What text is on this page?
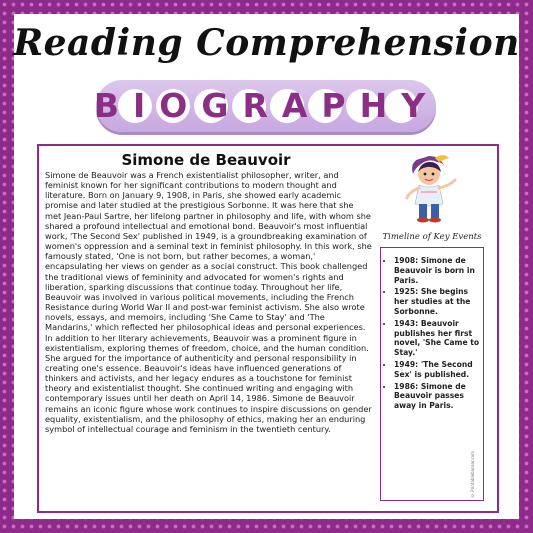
Reading Comprehension
BIOGRAPHY
Simone de Beauvoir
Simone de Beauvoir was a French existentialist philosopher, writer, and feminist known for her significant contributions to modern thought and literature. Born on January 9, 1908, in Paris, she showed early academic promise and later studied at the prestigious Sorbonne. It was here that she met Jean-Paul Sartre, her lifelong partner in philosophy and life, with whom she shared a profound intellectual and emotional bond. Beauvoir's most influential work, 'The Second Sex' published in 1949, is a groundbreaking examination of women's oppression and a seminal text in feminist philosophy. In this work, she famously stated, 'One is not born, but rather becomes, a woman,' encapsulating her views on gender as a social construct. This book challenged the traditional views of femininity and advocated for women's rights and liberation, sparking discussions that continue today. Throughout her life, Beauvoir was involved in various political movements, including the French Resistance during World War II and post-war feminist activism. She also wrote novels, essays, and memoirs, including 'She Came to Stay' and 'The Mandarins,' which reflected her philosophical ideas and personal experiences. In addition to her literary achievements, Beauvoir was a prominent figure in existentialism, exploring themes of freedom, choice, and the human condition. She argued for the importance of authenticity and personal responsibility in creating one's essence. Beauvoir's ideas have influenced generations of thinkers and activists, and her legacy endures as a touchstone for feminist theory and existentialist thought. She continued writing and engaging with contemporary issues until her death on April 14, 1986. Simone de Beauvoir remains an iconic figure whose work continues to inspire discussions on gender equality, existentialism, and the philosophy of ethics, making her an enduring symbol of intellectual courage and feminism in the twentieth century.
Timeline of Key Events
• 1908: Simone de Beauvoir is born in Paris.
• 1925: She begins her studies at the Sorbonne.
• 1943: Beauvoir publishes her first novel, 'She Came to Stay.'
• 1949: 'The Second Sex' is published.
• 1986: Simone de Beauvoir passes away in Paris.
© Printablebazaar.com
